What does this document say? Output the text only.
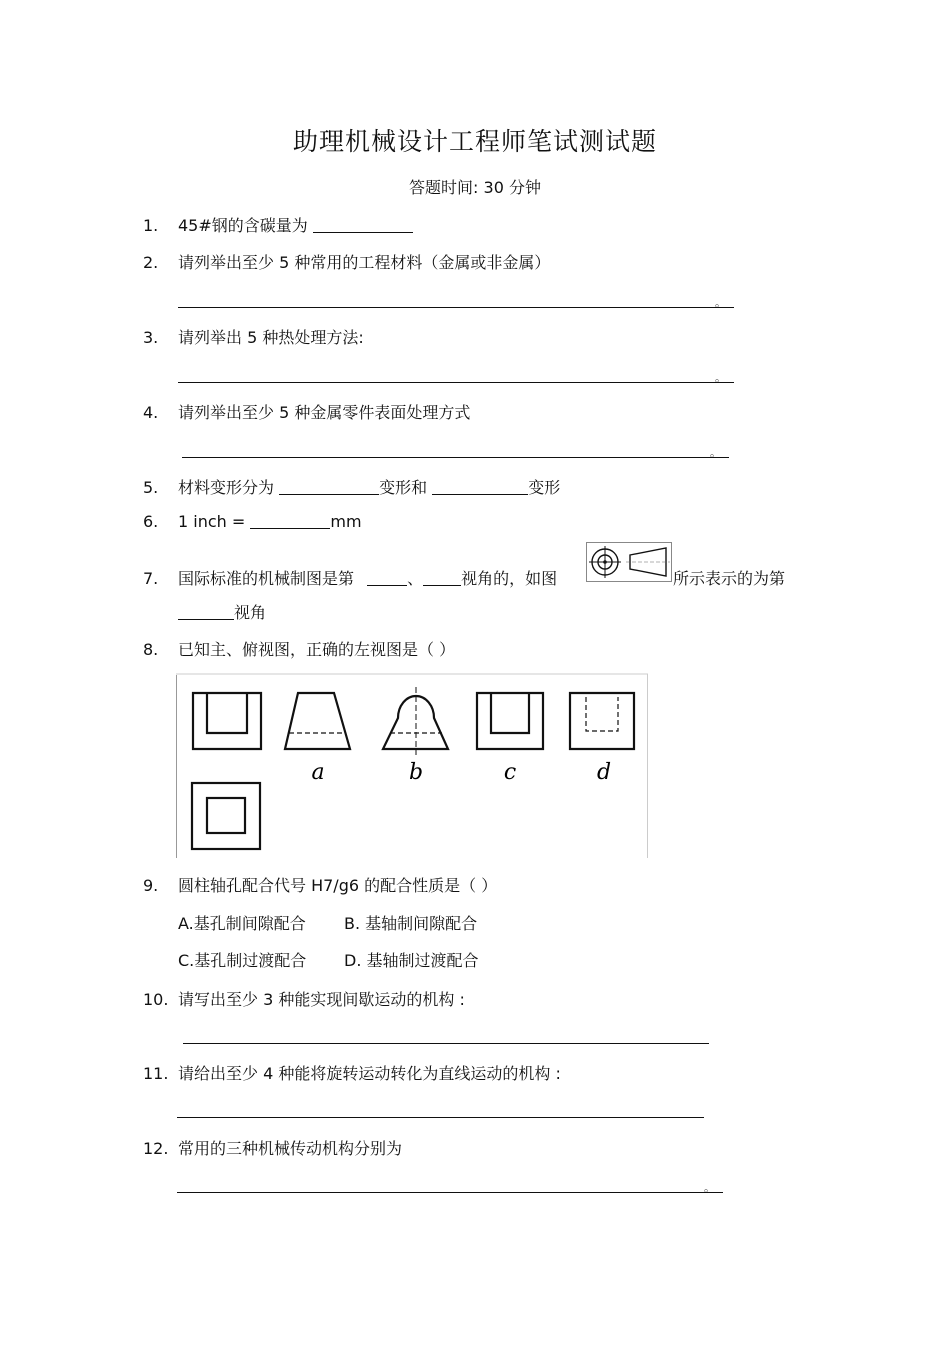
助理机械设计工程师笔试测试题
答题时间: 30 分钟
1. 45#钢的含碳量为
2. 请列举出至少 5 种常用的工程材料（金属或非金属）
。
3. 请列举出 5 种热处理方法:
。
4. 请列举出至少 5 种金属零件表面处理方式
。
5. 材料变形分为	变形和	变形
6. 1 inch =	mm
7. 国际标准的机械制图是第	、 视角的，如图	所示表示的为第
视角
8. 已知主、俯视图，正确的左视图是（ ）
a	b	c	d
9. 圆柱轴孔配合代号 H7/g6 的配合性质是（ ）
A.基孔制间隙配合 B. 基轴制间隙配合
C.基孔制过渡配合 D. 基轴制过渡配合
10. 请写出至少 3 种能实现间歇运动的机构 :
11. 请给出至少 4 种能将旋转运动转化为直线运动的机构 :
12. 常用的三种机械传动机构分别为
。
